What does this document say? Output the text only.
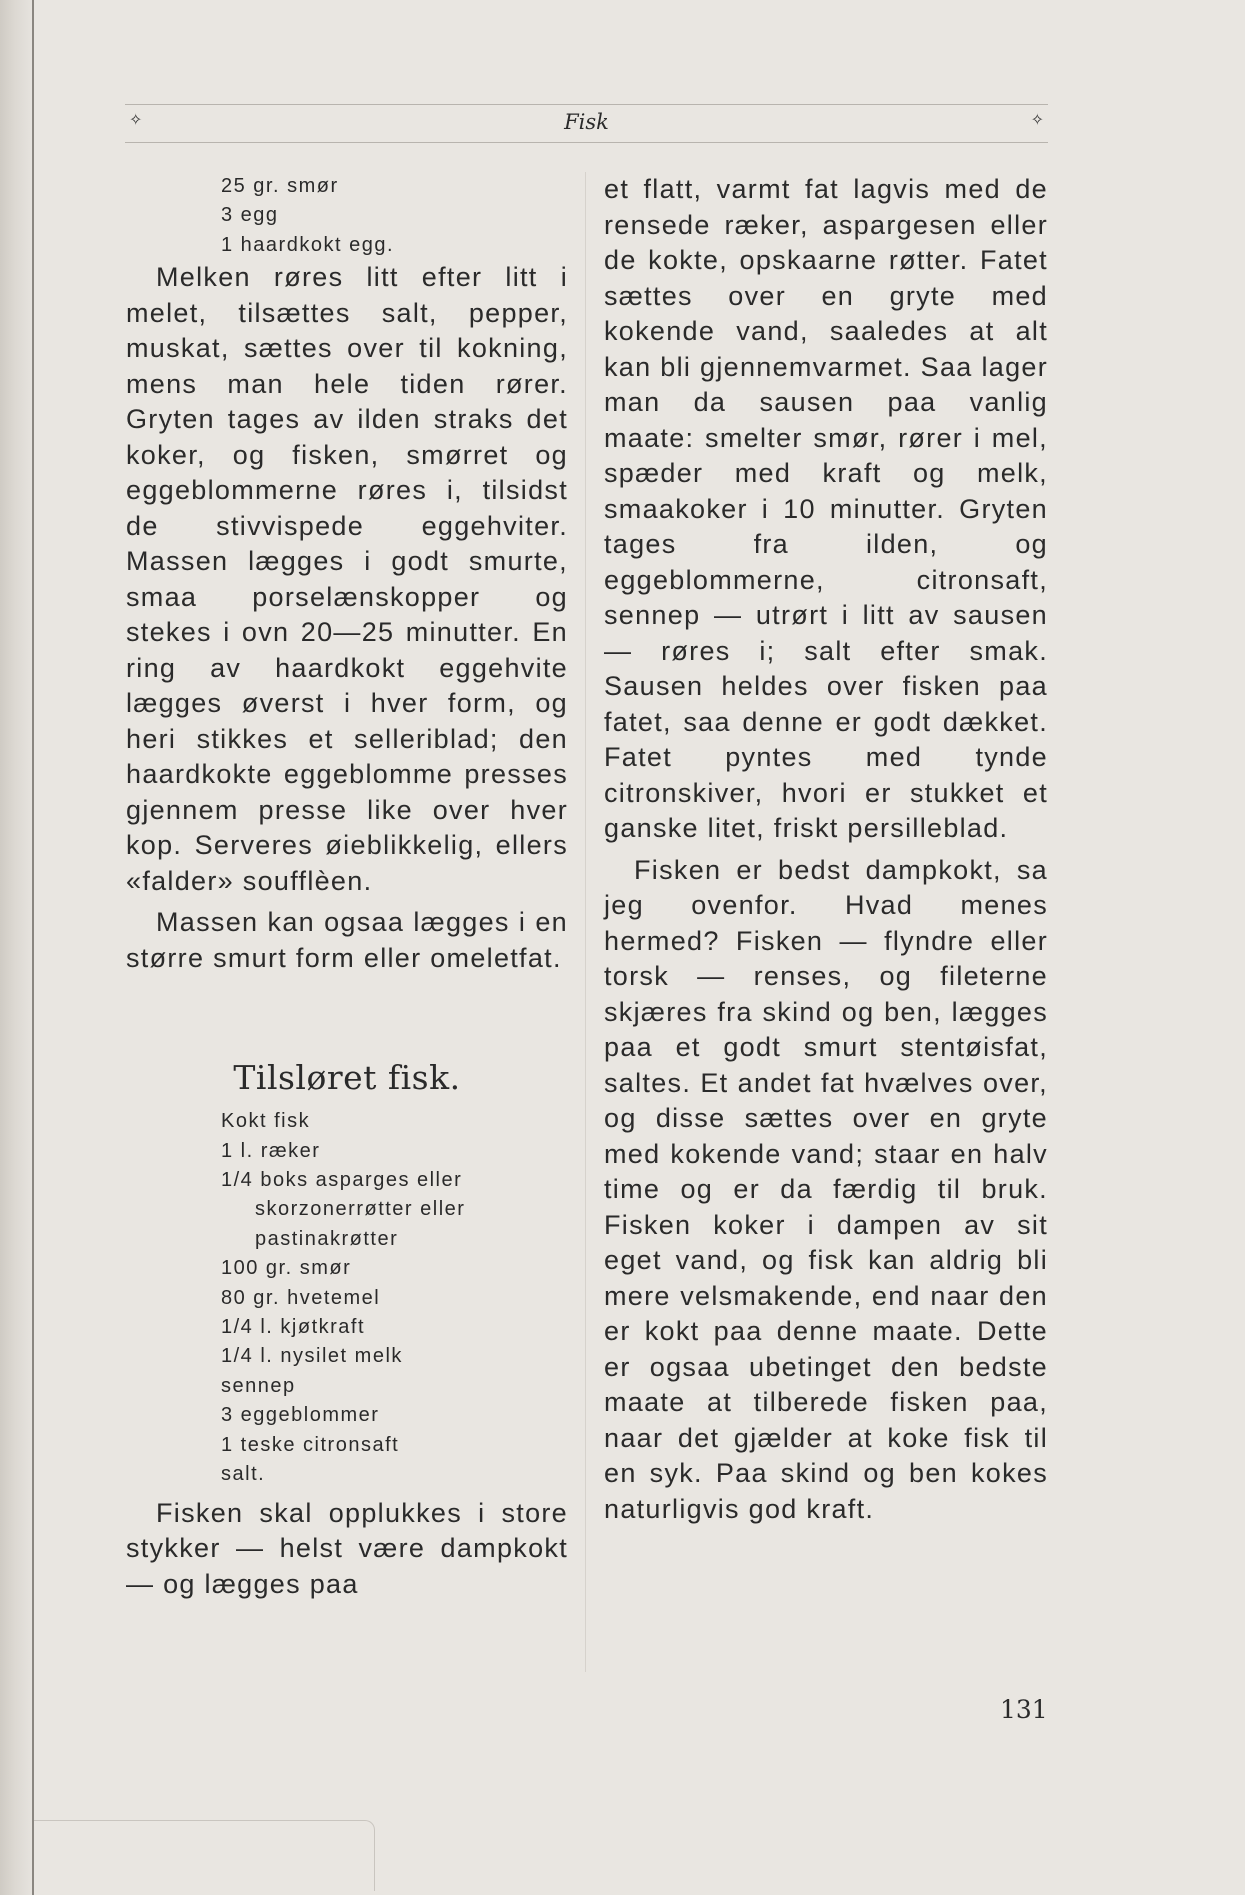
✧	Fisk	✧
25 gr. smør
3 egg
1 haardkokt egg.

Melken røres litt efter litt i melet, tilsættes salt, pepper, muskat, sættes over til kokning, mens man hele tiden rører. Gryten tages av ilden straks det koker, og fisken, smørret og eggeblommerne røres i, tilsidst de stivvispede eggehviter. Massen lægges i godt smurte, smaa porselænskopper og stekes i ovn 20—25 minutter. En ring av haardkokt eggehvite lægges øverst i hver form, og heri stikkes et selleriblad; den haardkokte eggeblomme presses gjennem presse like over hver kop. Serveres øieblikkelig, ellers «falder» soufflèen.

Massen kan ogsaa lægges i en større smurt form eller omeletfat.

Tilsløret fisk.
Kokt fisk
1 l. ræker
1/4 boks asparges eller
skorzonerrøtter eller
pastinakrøtter
100 gr. smør
80 gr. hvetemel
1/4 l. kjøtkraft
1/4 l. nysilet melk
sennep
3 eggeblommer
1 teske citronsaft
salt.

Fisken skal opplukkes i store stykker — helst være dampkokt — og lægges paa

et flatt, varmt fat lagvis med de rensede ræker, aspargesen eller de kokte, opskaarne røtter. Fatet sættes over en gryte med kokende vand, saaledes at alt kan bli gjennemvarmet. Saa lager man da sausen paa vanlig maate: smelter smør, rører i mel, spæder med kraft og melk, smaakoker i 10 minutter. Gryten tages fra ilden, og eggeblommerne, citronsaft, sennep — utrørt i litt av sausen — røres i; salt efter smak. Sausen heldes over fisken paa fatet, saa denne er godt dækket. Fatet pyntes med tynde citronskiver, hvori er stukket et ganske litet, friskt persilleblad.

Fisken er bedst dampkokt, sa jeg ovenfor. Hvad menes hermed? Fisken — flyndre eller torsk — renses, og fileterne skjæres fra skind og ben, lægges paa et godt smurt stentøisfat, saltes. Et andet fat hvælves over, og disse sættes over en gryte med kokende vand; staar en halv time og er da færdig til bruk. Fisken koker i dampen av sit eget vand, og fisk kan aldrig bli mere velsmakende, end naar den er kokt paa denne maate. Dette er ogsaa ubetinget den bedste maate at tilberede fisken paa, naar det gjælder at koke fisk til en syk. Paa skind og ben kokes naturligvis god kraft.

131
